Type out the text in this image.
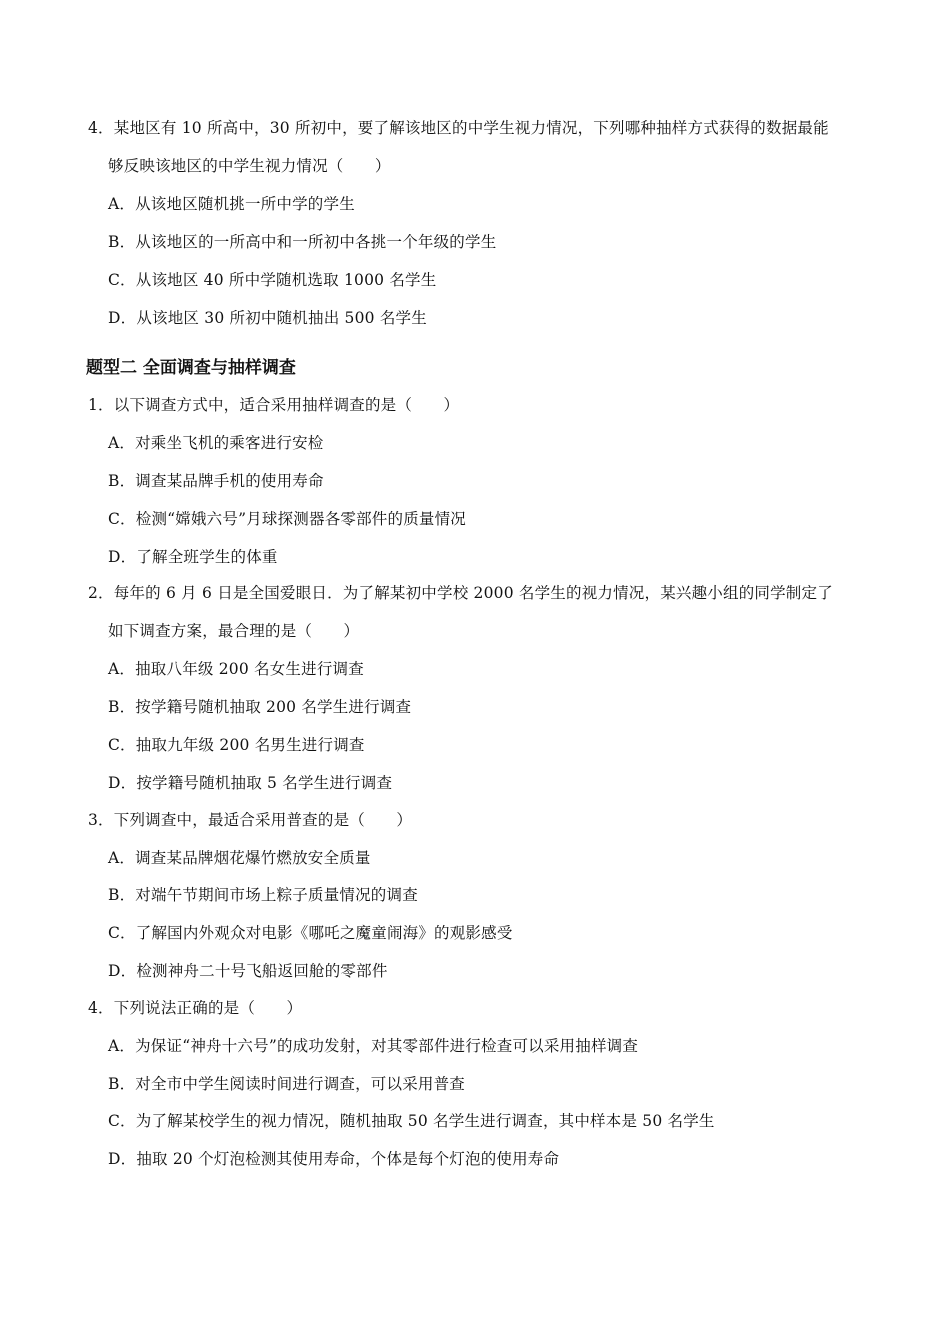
4．某地区有 10 所高中，30 所初中，要了解该地区的中学生视力情况，下列哪种抽样方式获得的数据最能
够反映该地区的中学生视力情况（　　）
A．从该地区随机挑一所中学的学生
B．从该地区的一所高中和一所初中各挑一个年级的学生
C．从该地区 40 所中学随机选取 1000 名学生
D．从该地区 30 所初中随机抽出 500 名学生
题型二 全面调查与抽样调查
1．以下调查方式中，适合采用抽样调查的是（　　）
A．对乘坐飞机的乘客进行安检
B．调查某品牌手机的使用寿命
C．检测“嫦娥六号”月球探测器各零部件的质量情况
D．了解全班学生的体重
2．每年的 6 月 6 日是全国爱眼日．为了解某初中学校 2000 名学生的视力情况，某兴趣小组的同学制定了
如下调查方案，最合理的是（　　）
A．抽取八年级 200 名女生进行调查
B．按学籍号随机抽取 200 名学生进行调查
C．抽取九年级 200 名男生进行调查
D．按学籍号随机抽取 5 名学生进行调查
3．下列调查中，最适合采用普查的是（　　）
A．调查某品牌烟花爆竹燃放安全质量
B．对端午节期间市场上粽子质量情况的调查
C．了解国内外观众对电影《哪吒之魔童闹海》的观影感受
D．检测神舟二十号飞船返回舱的零部件
4．下列说法正确的是（　　）
A．为保证“神舟十六号”的成功发射，对其零部件进行检查可以采用抽样调查
B．对全市中学生阅读时间进行调查，可以采用普查
C．为了解某校学生的视力情况，随机抽取 50 名学生进行调查，其中样本是 50 名学生
D．抽取 20 个灯泡检测其使用寿命，个体是每个灯泡的使用寿命
